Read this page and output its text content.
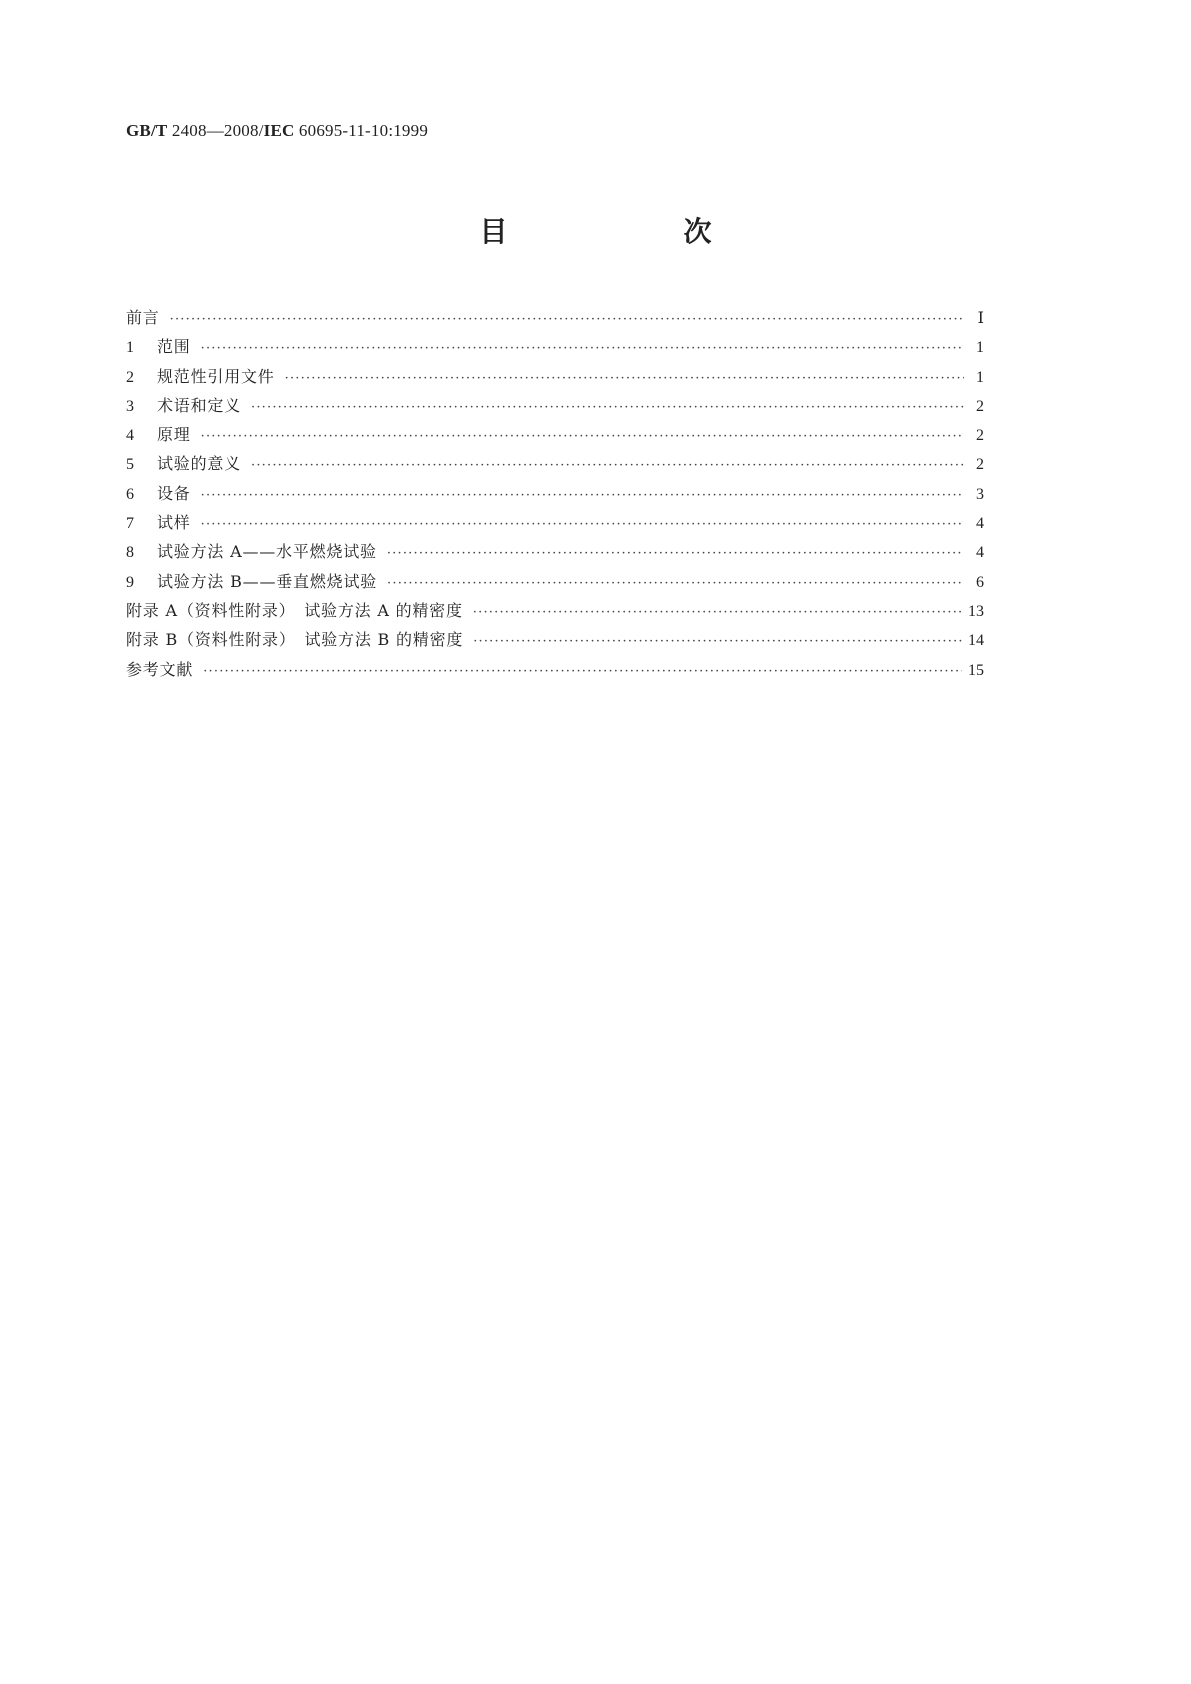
GB/T 2408—2008/IEC 60695-11-10:1999
目　　次
前言 ·····	Ⅰ
1	范围 ·····	1
2	规范性引用文件 ·····	1
3	术语和定义 ·····	2
4	原理 ·····	2
5	试验的意义 ·····	2
6	设备 ·····	3
7	试样 ·····	4
8	试验方法 A——水平燃烧试验 ·····	4
9	试验方法 B——垂直燃烧试验 ·····	6
附录 A（资料性附录）　试验方法 A 的精密度 ·····	13
附录 B（资料性附录）　试验方法 B 的精密度 ·····	14
参考文献 ·····	15
